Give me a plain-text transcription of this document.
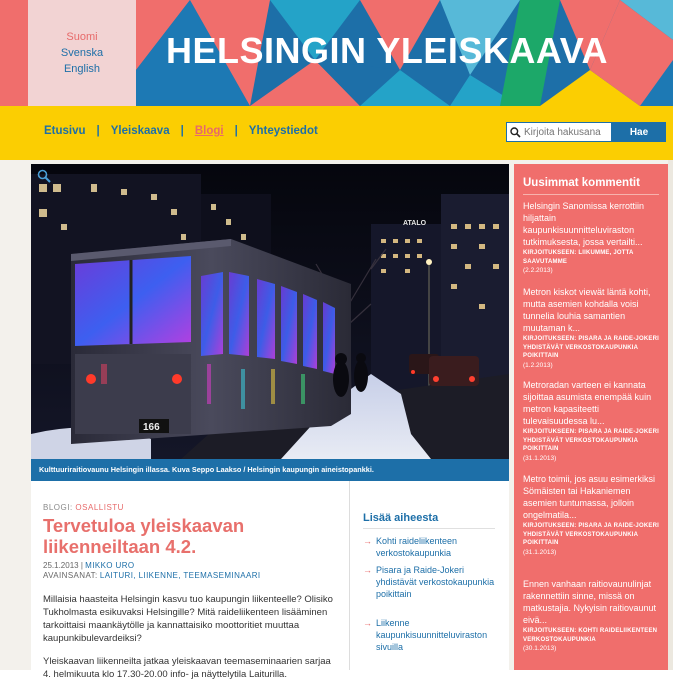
Suomi
Svenska
English HELSINGIN YLEISKAAVA
Etusivu | Yleiskaava | Blogi | Yhteystiedot
Kirjoita hakusana	Hae
ATALO
166
Kulttuuriraitiovaunu Helsingin illassa. Kuva Seppo Laakso / Helsingin kaupungin aineistopankki.
BLOGI: OSALLISTU
Tervetuloa yleiskaavan liikenneiltaan 4.2.
25.1.2013 | MIKKO URO
AVAINSANAT: LAITURI, LIIKENNE, TEEMASEMINAARI

Millaisia haasteita Helsingin kasvu tuo kaupungin liikenteelle? Olisiko Tukholmasta esikuvaksi Helsingille? Mitä raideliikenteen lisääminen tarkoittaisi maankäytölle ja kannattaisiko moottoritiet muuttaa kaupunkibulevardeiksi?

Yleiskaavan liikenneilta jatkaa yleiskaavan teemaseminaarien sarjaa 4. helmikuuta klo 17.30-20.00 info- ja näyttelytila Laiturilla.

Lisää aiheesta
→ Kohti raideliikenteen verkostokaupunkia
→ Pisara ja Raide-Jokeri yhdistävät verkostokaupunkia poikittain
→ Liikenne kaupunkisuunnitteluviraston sivuilla
Uusimmat kommentit
Helsingin Sanomissa kerrottiin hiljattain kaupunkisuunnitteluviraston tutkimuksesta, jossa vertailti...
KIRJOITUKSEEN: LIIKUMME, JOTTA SAAVUTAMME
(2.2.2013)
Metron kiskot viewät läntä kohti, mutta asemien kohdalla voisi tunnelia louhia samantien muutaman k...
KIRJOITUKSEEN: PISARA JA RAIDE-JOKERI YHDISTÄVÄT VERKOSTOKAUPUNKIA POIKITTAIN
(1.2.2013)
Metroradan varteen ei kannata sijoittaa asumista enempää kuin metron kapasiteetti tulevaisuudessa lu...
KIRJOITUKSEEN: PISARA JA RAIDE-JOKERI YHDISTÄVÄT VERKOSTOKAUPUNKIA POIKITTAIN
(31.1.2013)
Metro toimii, jos asuu esimerkiksi Sömäisten tai Hakaniemen asemien tuntumassa, jolloin ongelmatila...
KIRJOITUKSEEN: PISARA JA RAIDE-JOKERI YHDISTÄVÄT VERKOSTOKAUPUNKIA POIKITTAIN
(31.1.2013)
Ennen vanhaan raitiovaunulinjat rakennettiin sinne, missä on matkustajia. Nykyisin raitiovaunut eivä...
KIRJOITUKSEEN: KOHTI RAIDELIIKENTEEN VERKOSTOKAUPUNKIA
(30.1.2013)
